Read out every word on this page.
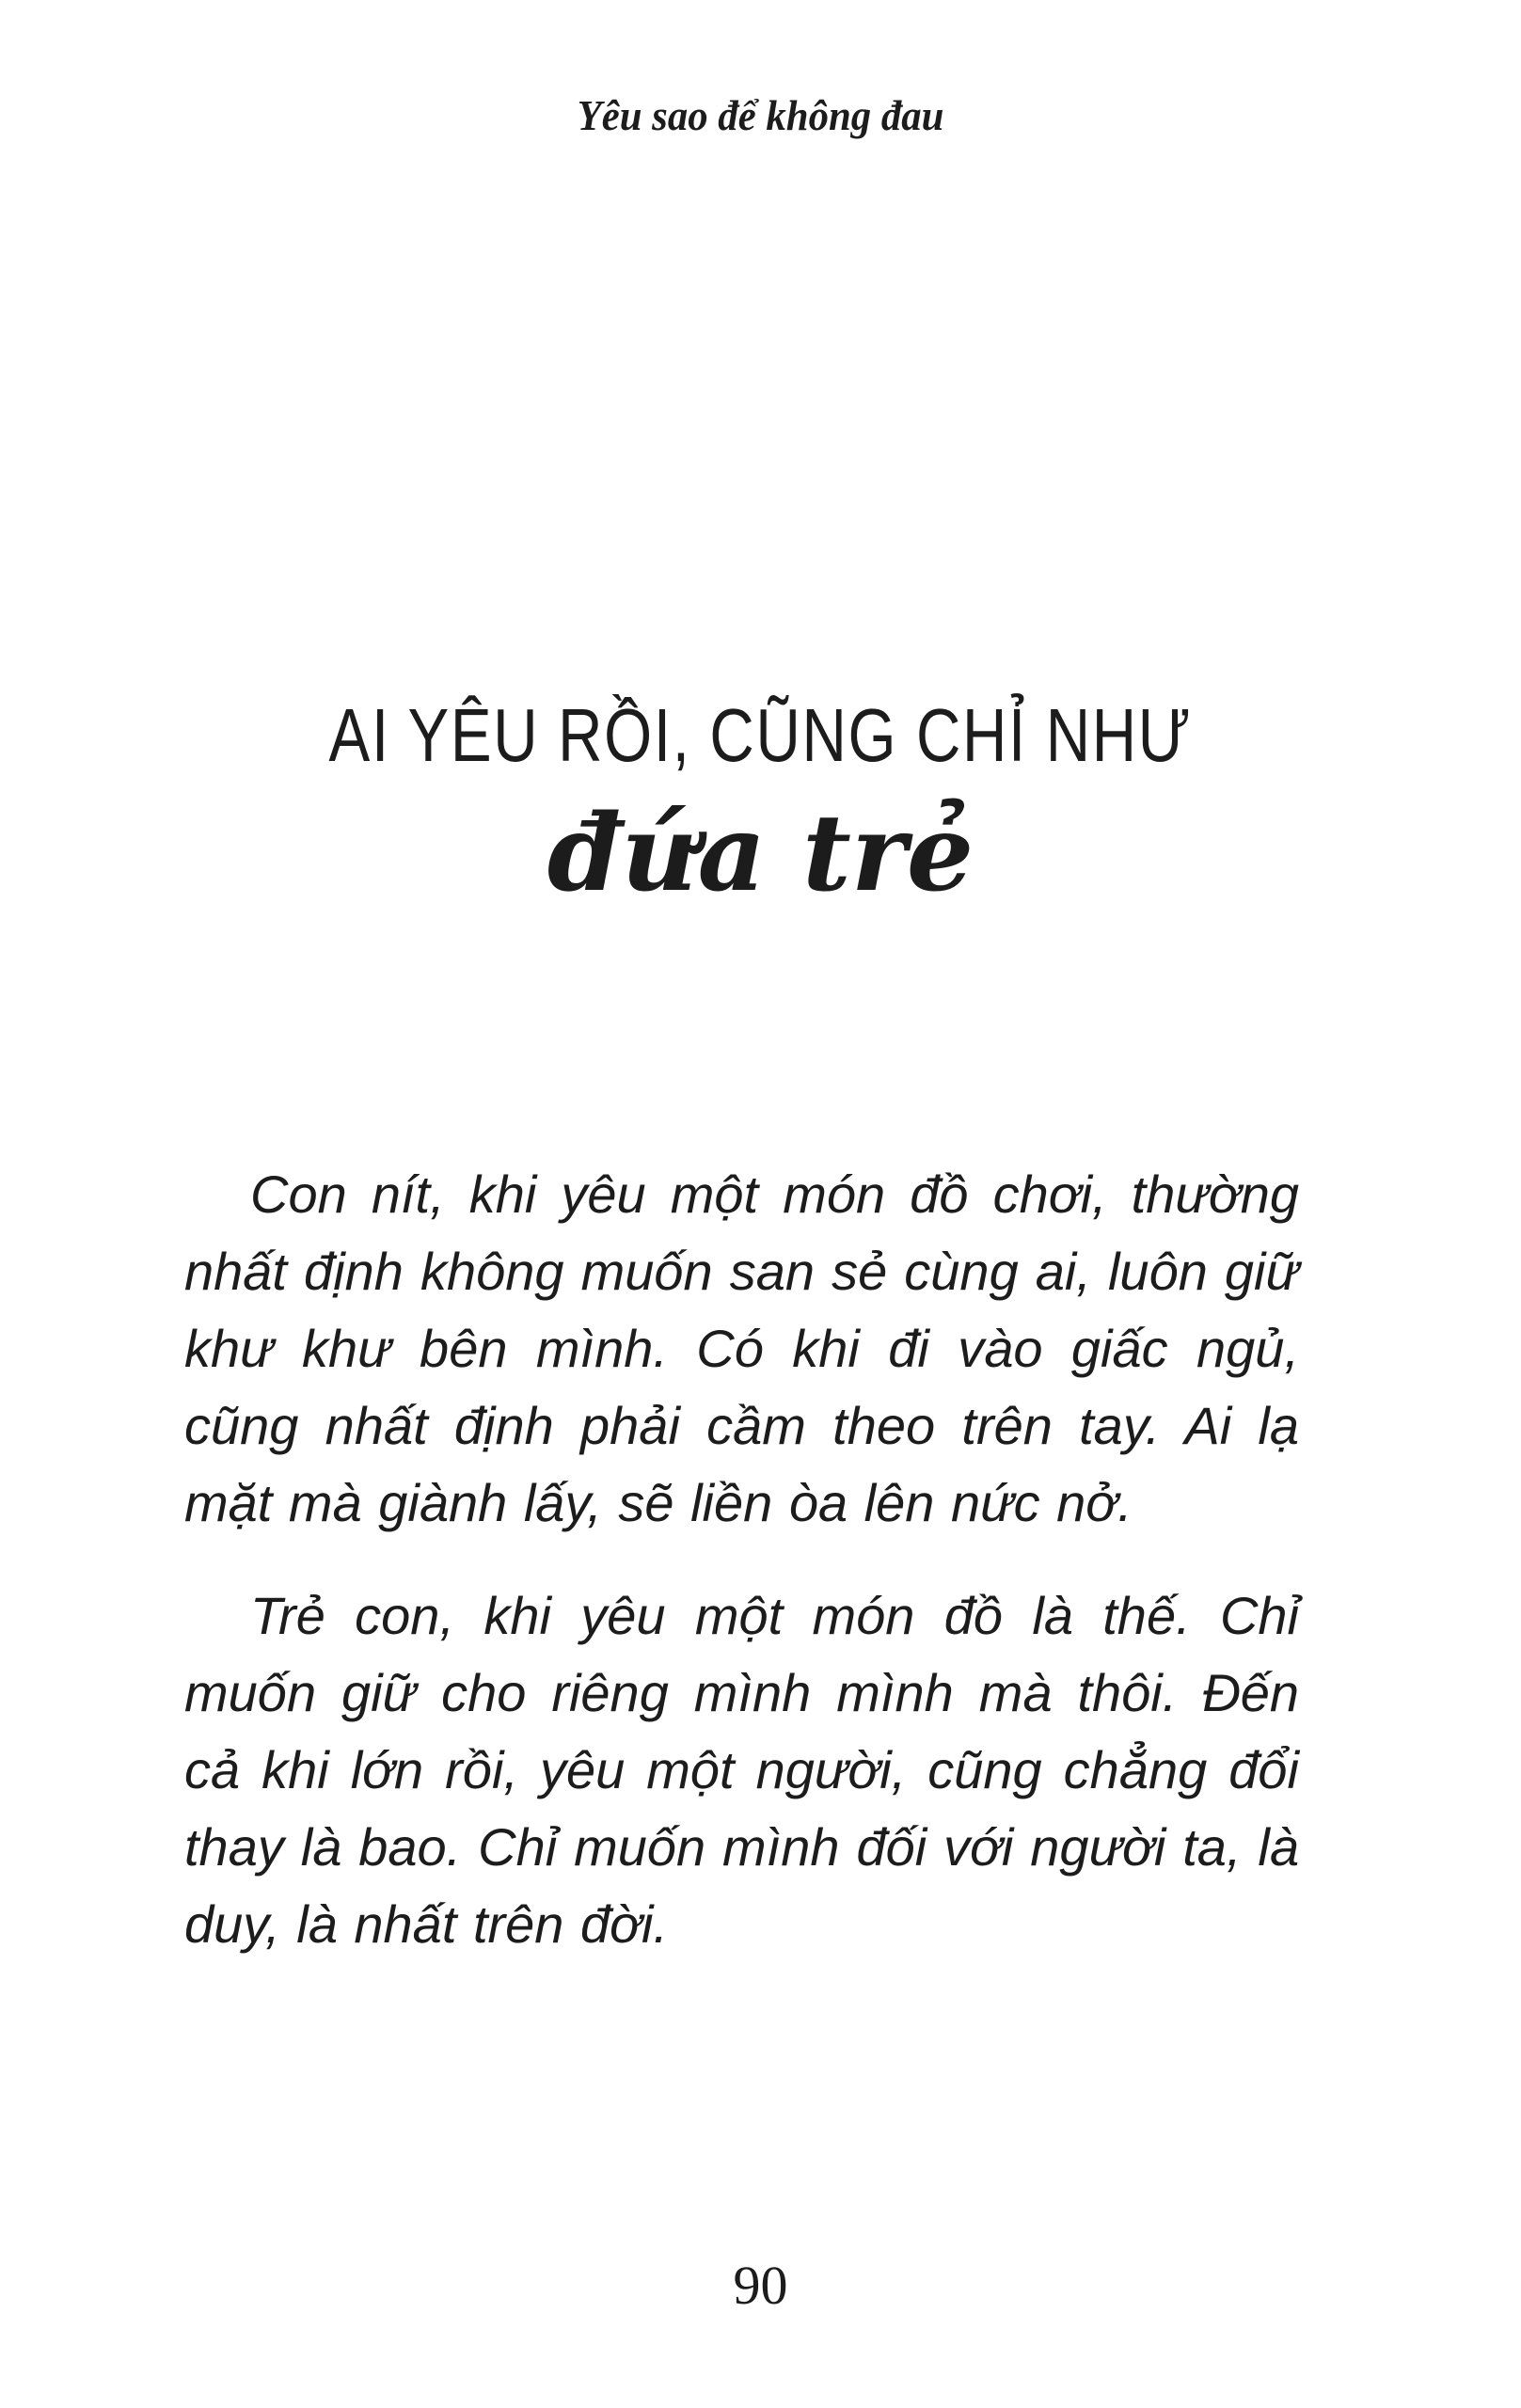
Yêu sao để không đau
AI YÊU RỒI, CŨNG CHỈ NHƯ
đứa trẻ

Con nít, khi yêu một món đồ chơi, thường nhất định không muốn san sẻ cùng ai, luôn giữ khư khư bên mình. Có khi đi vào giấc ngủ, cũng nhất định phải cầm theo trên tay. Ai lạ mặt mà giành lấy, sẽ liền òa lên nức nở.

Trẻ con, khi yêu một món đồ là thế. Chỉ muốn giữ cho riêng mình mình mà thôi. Đến cả khi lớn rồi, yêu một người, cũng chẳng đổi thay là bao. Chỉ muốn mình đối với người ta, là duy, là nhất trên đời.

90
